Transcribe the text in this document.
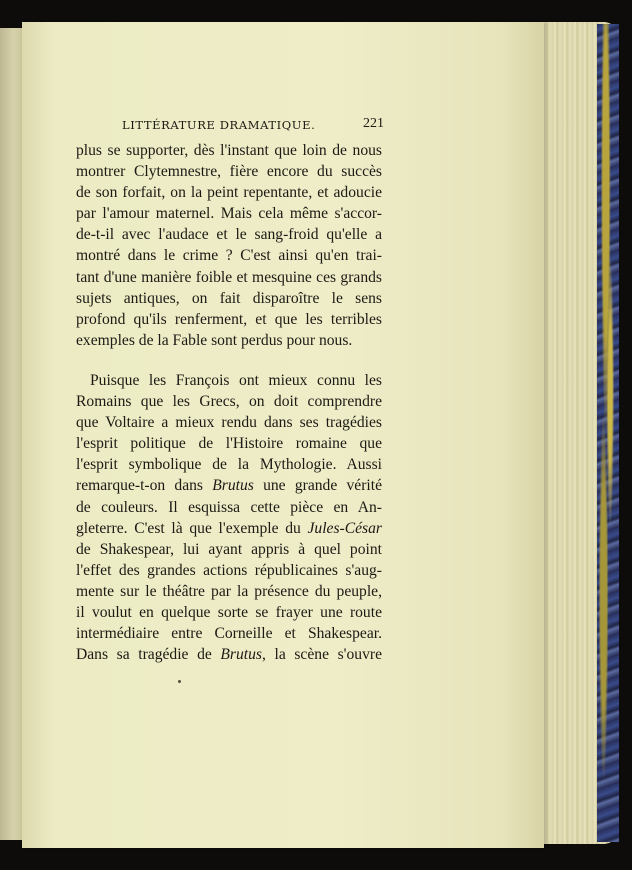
LITTÉRATURE DRAMATIQUE.	221
plus se supporter, dès l'instant que loin de nous
montrer Clytemnestre, fière encore du succès
de son forfait, on la peint repentante, et adoucie
par l'amour maternel. Mais cela même s'accor-
de-t-il avec l'audace et le sang-froid qu'elle a
montré dans le crime ? C'est ainsi qu'en trai-
tant d'une manière foible et mesquine ces grands
sujets antiques, on fait disparoître le sens
profond qu'ils renferment, et que les terribles
exemples de la Fable sont perdus pour nous.
Puisque les François ont mieux connu les
Romains que les Grecs, on doit comprendre
que Voltaire a mieux rendu dans ses tragédies
l'esprit politique de l'Histoire romaine que
l'esprit symbolique de la Mythologie. Aussi
remarque-t-on dans Brutus une grande vérité
de couleurs. Il esquissa cette pièce en An-
gleterre. C'est là que l'exemple du Jules-César
de Shakespear, lui ayant appris à quel point
l'effet des grandes actions républicaines s'aug-
mente sur le théâtre par la présence du peuple,
il voulut en quelque sorte se frayer une route
intermédiaire entre Corneille et Shakespear.
Dans sa tragédie de Brutus, la scène s'ouvre
